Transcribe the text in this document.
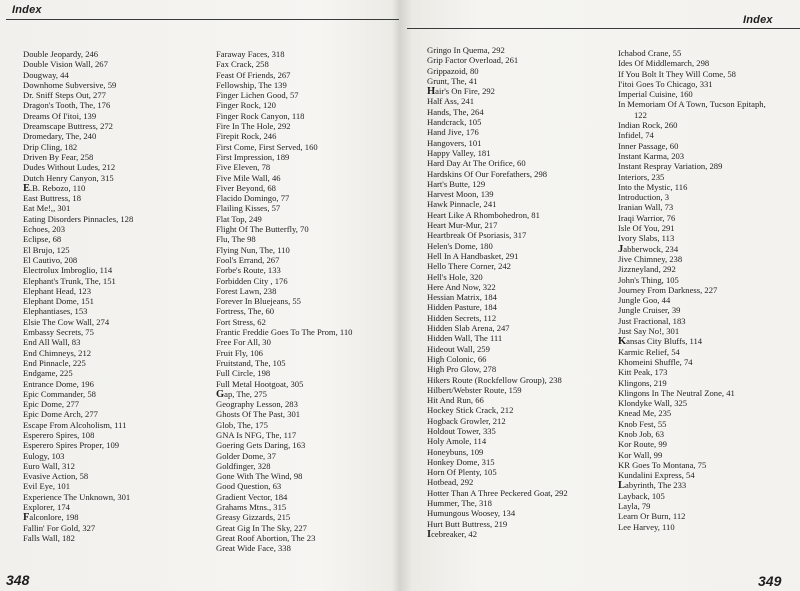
Index
Index
Double Jeopardy, 246
Double Vision Wall, 267
Dougway, 44
Downhome Subversive, 59
Dr. Sniff Steps Out, 277
Dragon's Tooth, The, 176
Dreams Of I'itoi, 139
Dreamscape Buttress, 272
Dromedary, The, 240
Drip Cling, 182
Driven By Fear, 258
Dudes Without Ludes, 212
Dutch Henry Canyon, 315
E.B. Rebozo, 110
East Buttress, 18
Eat Me!,, 301
Eating Disorders Pinnacles, 128
Echoes, 203
Eclipse, 68
El Brujo, 125
El Cautivo, 208
Electrolux Imbroglio, 114
Elephant's Trunk, The, 151
Elephant Head, 123
Elephant Dome, 151
Elephantiases, 153
Elsie The Cow Wall, 274
Embassy Secrets, 75
End All Wall, 83
End Chimneys, 212
End Pinnacle, 225
Endgame, 225
Entrance Dome, 196
Epic Commander, 58
Epic Dome, 277
Epic Dome Arch, 277
Escape From Alcoholism, 111
Esperero Spires, 108
Esperero Spires Proper, 109
Eulogy, 103
Euro Wall, 312
Evasive Action, 58
Evil Eye, 101
Experience The Unknown, 301
Explorer, 174
Falconlore, 198
Fallin' For Gold, 327
Falls Wall, 182
Faraway Faces, 318
Fax Crack, 258
Feast Of Friends, 267
Fellowship, The 139
Finger Lichen Good, 57
Finger Rock, 120
Finger Rock Canyon, 118
Fire In The Hole, 292
Firepit Rock, 246
First Come, First Served, 160
First Impression, 189
Five Eleven, 78
Five Mile Wall, 46
Fiver Beyond, 68
Flacido Domingo, 77
Flailing Kisses, 57
Flat Top, 249
Flight Of The Butterfly, 70
Flu, The 98
Flying Nun, The, 110
Fool's Errand, 267
Forbe's Route, 133
Forbidden City , 176
Forest Lawn, 238
Forever In Bluejeans, 55
Fortress, The, 60
Fort Stress, 62
Frantic Freddie Goes To The Prom, 110
Free For All, 30
Fruit Fly, 106
Fruitstand, The, 105
Full Circle, 198
Full Metal Hootgoat, 305
Gap, The, 275
Geography Lesson, 283
Ghosts Of The Past, 301
Glob, The, 175
GNA Is NFG, The, 117
Goering Gets Daring, 163
Golder Dome, 37
Goldfinger, 328
Gone With The Wind, 98
Good Question, 63
Gradient Vector, 184
Grahams Mtns., 315
Greasy Gizzards, 215
Great Gig In The Sky, 227
Great Roof Abortion, The 23
Great Wide Face, 338
Gringo In Quema, 292
Grip Factor Overload, 261
Grippazoid, 80
Grunt, The, 41
Hair's On Fire, 292
Half Ass, 241
Hands, The, 264
Handcrack, 105
Hand Jive, 176
Hangovers, 101
Happy Valley, 181
Hard Day At The Orifice, 60
Hardskins Of Our Forefathers, 298
Hart's Butte, 129
Harvest Moon, 139
Hawk Pinnacle, 241
Heart Like A Rhombohedron, 81
Heart Mur-Mur, 217
Heartbreak Of Psoriasis, 317
Helen's Dome, 180
Hell In A Handbasket, 291
Hello There Corner, 242
Hell's Hole, 320
Here And Now, 322
Hessian Matrix, 184
Hidden Pasture, 184
Hidden Secrets, 112
Hidden Slab Arena, 247
Hidden Wall, The 111
Hideout Wall, 259
High Colonic, 66
High Pro Glow, 278
Hikers Route (Rockfellow Group), 238
Hilbert/Webster Route, 159
Hit And Run, 66
Hockey Stick Crack, 212
Hogback Growler, 212
Holdout Tower, 335
Holy Amole, 114
Honeybuns, 109
Honkey Dome, 315
Horn Of Plenty, 105
Hotbead, 292
Hotter Than A Three Peckered Goat, 292
Hummer, The, 318
Humungous Woosey, 134
Hurt Butt Buttress, 219
Icebreaker, 42
Ichabod Crane, 55
Ides Of Middlemarch, 298
If You Bolt It They Will Come, 58
I'itoi Goes To Chicago, 331
Imperial Cuisine, 160
In Memoriam Of A Town, Tucson Epitaph,
122
Indian Rock, 260
Infidel, 74
Inner Passage, 60
Instant Karma, 203
Instant Respray Variation, 289
Interiors, 235
Into the Mystic, 116
Introduction, 3
Iranian Wall, 73
Iraqi Warrior, 76
Isle Of You, 291
Ivory Slabs, 113
Jabberwock, 234
Jive Chimney, 238
Jizzneyland, 292
John's Thing, 105
Journey From Darkness, 227
Jungle Goo, 44
Jungle Cruiser, 39
Just Fractional, 183
Just Say No!, 301
Kansas City Bluffs, 114
Karmic Relief, 54
Khomeini Shuffle, 74
Kitt Peak, 173
Klingons, 219
Klingons In The Neutral Zone, 41
Klondyke Wall, 325
Knead Me, 235
Knob Fest, 55
Knob Job, 63
Kor Route, 99
Kor Wall, 99
KR Goes To Montana, 75
Kundalini Express, 54
Labyrinth, The 233
Layback, 105
Layla, 79
Learn Or Burn, 112
Lee Harvey, 110
348	349
